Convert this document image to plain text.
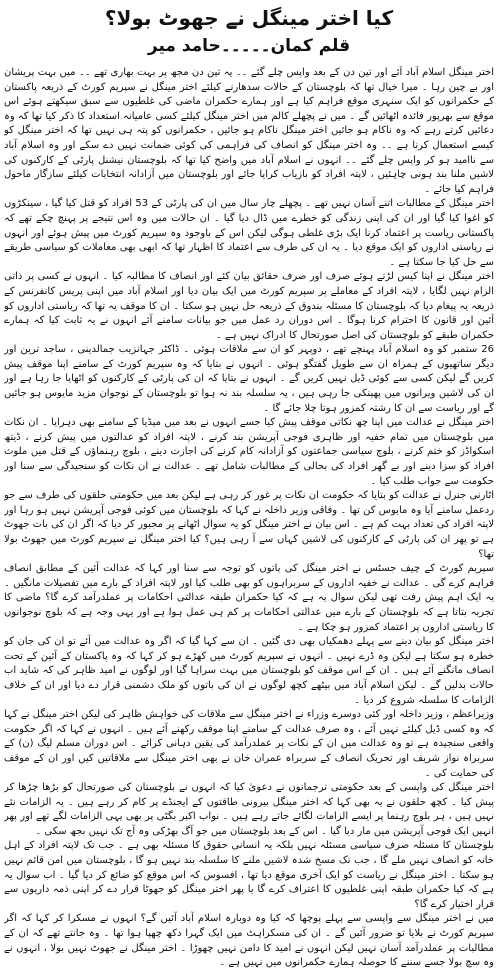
کیا اختر مینگل نے جھوٹ بولا؟
قلم کمان۔۔۔۔۔حامد میر

اختر مینگل اسلام آباد آئے اور تین دن کے بعد واپس چلے گئے ۔۔ یہ تین دن مجھ پر بہت بھاری تھے ۔۔ میں بہت پریشان اور بے چین رہا ۔ میرا خیال تھا کہ بلوچستان کے حالات سدھارنے کیلئے اختر مینگل نے سپریم کورٹ کے ذریعہ پاکستان کے حکمرانوں کو ایک سنہری موقع فراہم کیا ہے اور ہمارے حکمران ماضی کی غلطیوں سے سبق سیکھتے ہوئے اس موقع سے بھرپور فائدہ اٹھائیں گے ۔ میں نے پچھلے کالم میں اختر مینگل کیلئے کسی عامیانہ استعداد کا ذکر کیا تھا کہ وہ دعائیں کرتے رہے کہ وہ ناکام ہو جائیں اختر مینگل ناکام ہو جائیں ، حکمرانوں کو پتہ ہی نہیں تھا کہ اختر مینگل کو کیسے استعمال کرنا ہے ۔۔ وہ اختر مینگل کو انصاف کی فراہمی کی کوئی ضمانت نہیں دے سکے اور وہ اسلام آباد سے ناامید ہو کر واپس چلے گئے ۔۔ انہوں نے اسلام آباد میں واضح کیا تھا کہ بلوچستان نیشنل پارٹی کے کارکنوں کی لاشیں ملنا بند ہونی چاہئیں ، لاپتہ افراد کو بازیاب کرایا جائے اور بلوچستان میں آزادانہ انتخابات کیلئے سازگار ماحول فراہم کیا جائے ۔

اختر مینگل کے مطالبات اتنے آسان نہیں تھے ۔ پچھلے چار سال میں ان کی پارٹی کے 53 افراد کو قتل کیا گیا ، سینکڑوں کو اغوا کیا گیا اور ان کی اپنی زندگی کو خطرے میں ڈال دیا گیا ۔ ان حالات میں وہ اس نتیجے پر پہنچ چکے تھے کہ پاکستانی ریاست پر اعتماد کرنا ایک بڑی غلطی ہوگی لیکن اس کے باوجود وہ سپریم کورٹ میں پیش ہوئے اور انہوں نے ریاستی اداروں کو ایک موقع دیا ۔ یہ ان کی طرف سے اعتماد کا اظہار تھا کہ ابھی بھی معاملات کو سیاسی طریقے سے حل کیا جا سکتا ہے ۔

اختر مینگل نے اپنا کیس لڑتے ہوئے صرف اور صرف حقائق بیان کئے اور انصاف کا مطالبہ کیا ۔ انہوں نے کسی پر ذاتی الزام نہیں لگایا ، لاپتہ افراد کے معاملے پر سپریم کورٹ میں ایک بیان دیا اور اسلام آباد میں اپنی پریس کانفرنس کے ذریعہ یہ پیغام دیا کہ بلوچستان کا مسئلہ بندوق کے ذریعہ حل نہیں ہو سکتا ۔ ان کا موقف یہ تھا کہ ریاستی اداروں کو آئین اور قانون کا احترام کرنا ہوگا ۔ اس دوران رد عمل میں جو بیانات سامنے آئے انہوں نے یہ ثابت کیا کہ ہمارے حکمران طبقے کو بلوچستان کی اصل صورتحال کا ادراک نہیں ہے ۔

26 ستمبر کو وہ اسلام آباد پہنچے تھے ، دوپہر کو ان سے ملاقات ہوئی ۔ ڈاکٹر جہانزیب جمالدینی ، ساجد ترین اور دیگر ساتھیوں کے ہمراہ ان سے طویل گفتگو ہوئی ۔ انہوں نے بتایا کہ وہ سپریم کورٹ کے سامنے اپنا موقف پیش کریں گے لیکن کسی سے کوئی ڈیل نہیں کریں گے ۔ انہوں نے بتایا کہ ان کی پارٹی کے کارکنوں کو اٹھایا جا رہا ہے اور ان کی لاشیں ویرانوں میں پھینکی جا رہی ہیں ، یہ سلسلہ بند نہ ہوا تو بلوچستان کے نوجوان مزید مایوس ہو جائیں گے اور ریاست سے ان کا رشتہ کمزور ہوتا چلا جائے گا ۔

اختر مینگل نے عدالت میں اپنا چھ نکاتی موقف پیش کیا جسے انہوں نے بعد میں میڈیا کے سامنے بھی دہرایا ۔ ان نکات میں بلوچستان میں تمام خفیہ اور ظاہری فوجی آپریشن بند کرنے ، لاپتہ افراد کو عدالتوں میں پیش کرنے ، ڈیتھ اسکواڈز کو ختم کرنے ، بلوچ سیاسی جماعتوں کو آزادانہ کام کرنے کی اجازت دینے ، بلوچ رہنماؤں کے قتل میں ملوث افراد کو سزا دینے اور بے گھر افراد کی بحالی کے مطالبات شامل تھے ۔ عدالت نے ان نکات کو سنجیدگی سے سنا اور حکومت سے جواب طلب کیا ۔

اٹارنی جنرل نے عدالت کو بتایا کہ حکومت ان نکات پر غور کر رہی ہے لیکن بعد میں حکومتی حلقوں کی طرف سے جو ردعمل سامنے آیا وہ مایوس کن تھا ۔ وفاقی وزیر داخلہ نے کہا کہ بلوچستان میں کوئی فوجی آپریشن نہیں ہو رہا اور لاپتہ افراد کی تعداد بہت کم ہے ۔ اس بیان نے اختر مینگل کو یہ سوال اٹھانے پر مجبور کر دیا کہ اگر ان کی بات جھوٹ ہے تو پھر ان کی پارٹی کے کارکنوں کی لاشیں کہاں سے آ رہی ہیں؟ کیا اختر مینگل نے سپریم کورٹ میں جھوٹ بولا تھا؟

سپریم کورٹ کے چیف جسٹس نے اختر مینگل کی باتوں کو توجہ سے سنا اور کہا کہ عدالت آئین کے مطابق انصاف فراہم کرے گی ۔ عدالت نے خفیہ اداروں کے سربراہوں کو بھی طلب کیا اور لاپتہ افراد کے بارے میں تفصیلات مانگیں ۔ یہ ایک اہم پیش رفت تھی لیکن سوال یہ ہے کہ کیا حکمران طبقہ عدالتی احکامات پر عملدرآمد کرے گا؟ ماضی کا تجربہ بتاتا ہے کہ بلوچستان کے بارے میں عدالتی احکامات پر کم ہی عمل ہوا ہے اور یہی وجہ ہے کہ بلوچ نوجوانوں کا ریاستی اداروں پر اعتماد کمزور ہو چکا ہے ۔

اختر مینگل کو بیان دینے سے پہلے دھمکیاں بھی دی گئیں ۔ ان سے کہا گیا کہ اگر وہ عدالت میں آئے تو ان کی جان کو خطرہ ہو سکتا ہے لیکن وہ ڈرے نہیں ۔ انہوں نے سپریم کورٹ میں کھڑے ہو کر کہا کہ وہ پاکستان کے آئین کے تحت انصاف مانگنے آئے ہیں ۔ ان کے اس موقف کو بلوچستان میں بہت سراہا گیا اور لوگوں نے امید ظاہر کی کہ شاید اب حالات بدلیں گے ۔ لیکن اسلام آباد میں بیٹھے کچھ لوگوں نے ان کی باتوں کو ملک دشمنی قرار دے دیا اور ان کے خلاف الزامات کا سلسلہ شروع کر دیا ۔

وزیراعظم ، وزیر داخلہ اور کئی دوسرے وزراء نے اختر مینگل سے ملاقات کی خواہش ظاہر کی لیکن اختر مینگل نے کہا کہ وہ کسی ڈیل کیلئے نہیں آئے ، وہ صرف عدالت کے سامنے اپنا موقف رکھنے آئے ہیں ۔ انہوں نے کہا کہ اگر حکومت واقعی سنجیدہ ہے تو وہ عدالت میں ان کے نکات پر عملدرآمد کی یقین دہانی کرائے ۔ اس دوران مسلم لیگ (ن) کے سربراہ نواز شریف اور تحریک انصاف کے سربراہ عمران خان نے بھی اختر مینگل سے ملاقاتیں کیں اور ان کے موقف کی حمایت کی ۔

اختر مینگل کی واپسی کے بعد حکومتی ترجمانوں نے دعویٰ کیا کہ انہوں نے بلوچستان کی صورتحال کو بڑھا چڑھا کر پیش کیا ۔ کچھ حلقوں نے یہ بھی کہا کہ اختر مینگل بیرونی طاقتوں کے ایجنڈے پر کام کر رہے ہیں ۔ یہ الزامات نئے نہیں ہیں ، ہر بلوچ رہنما پر ایسے الزامات لگائے جاتے رہے ہیں ۔ نواب اکبر بگٹی پر بھی یہی الزامات لگے تھے اور پھر انہیں ایک فوجی آپریشن میں مار دیا گیا ۔ اس کے بعد بلوچستان میں جو آگ بھڑکی وہ آج تک نہیں بجھ سکی ۔

بلوچستان کا مسئلہ صرف سیاسی مسئلہ نہیں بلکہ یہ انسانی حقوق کا مسئلہ بھی ہے ۔ جب تک لاپتہ افراد کے اہل خانہ کو انصاف نہیں ملے گا ، جب تک مسخ شدہ لاشیں ملنے کا سلسلہ بند نہیں ہو گا ، بلوچستان میں امن قائم نہیں ہو سکتا ۔ اختر مینگل نے ریاست کو ایک آخری موقع دیا تھا ، افسوس کہ اس موقع کو ضائع کر دیا گیا ۔ اب سوال یہ ہے کہ کیا حکمران طبقہ اپنی غلطیوں کا اعتراف کرے گا یا پھر اختر مینگل کو جھوٹا قرار دے کر اپنی ذمہ داریوں سے فرار اختیار کرے گا؟

میں نے اختر مینگل سے واپسی سے پہلے پوچھا کہ کیا وہ دوبارہ اسلام آباد آئیں گے؟ انہوں نے مسکرا کر کہا کہ اگر سپریم کورٹ نے بلایا تو ضرور آئیں گے ۔ ان کی مسکراہٹ میں ایک گہرا دکھ چھپا ہوا تھا ۔ وہ جانتے تھے کہ ان کے مطالبات پر عملدرآمد آسان نہیں لیکن انہوں نے امید کا دامن نہیں چھوڑا ۔ اختر مینگل نے جھوٹ نہیں بولا ، انہوں نے وہ سچ بولا جسے سننے کا حوصلہ ہمارے حکمرانوں میں نہیں ہے ۔
